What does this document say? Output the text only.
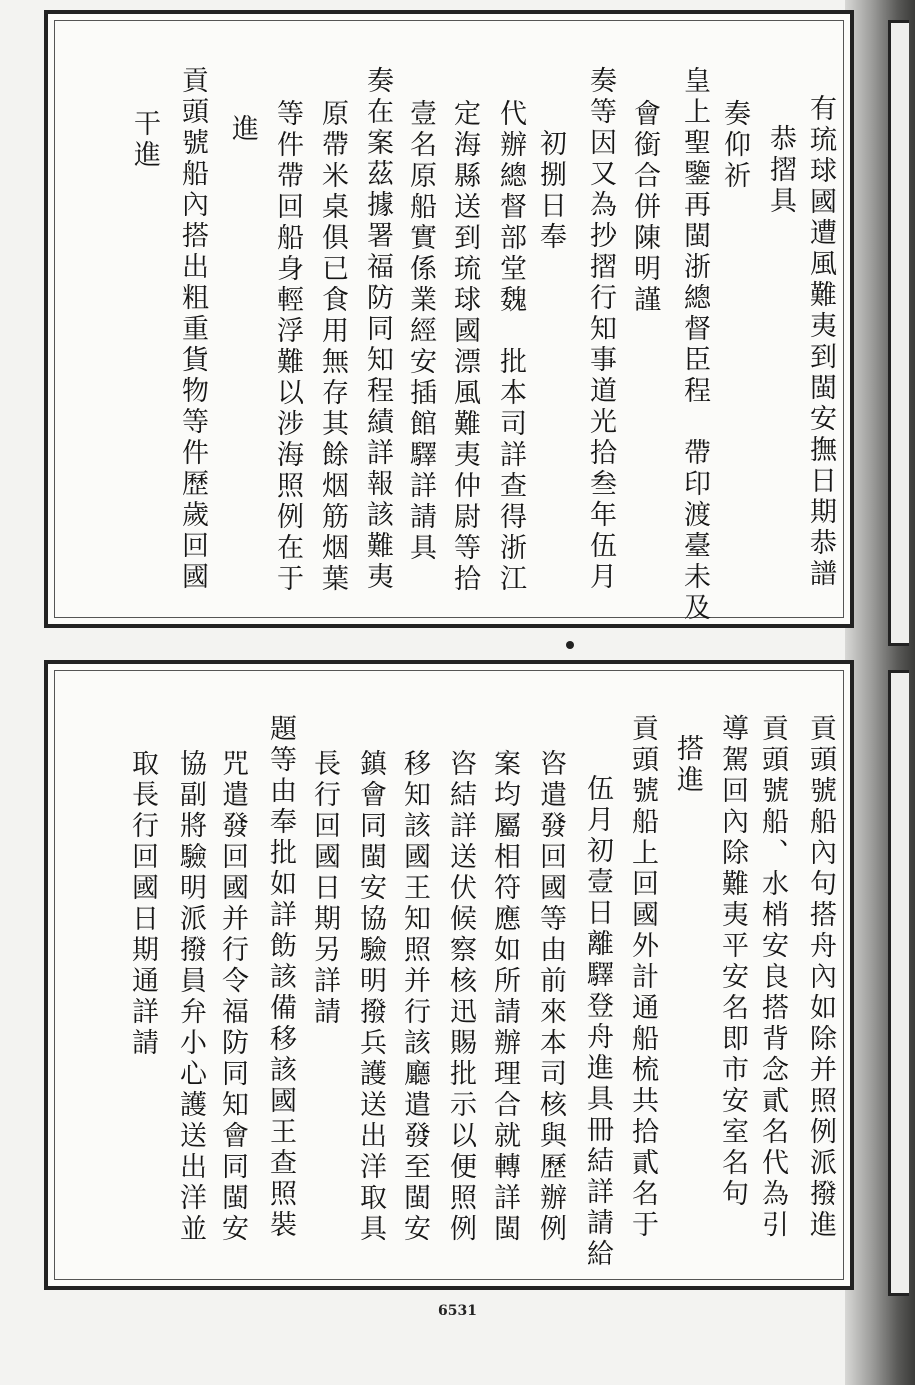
有琉球國遭風難夷到閩安撫日期恭譜
恭摺具
奏仰祈
皇上聖鑒再閩浙總督臣程　帶印渡臺未及
會銜合併陳明謹
奏等因又為抄摺行知事道光拾叁年伍月
初捌日奉
代辦總督部堂魏　批本司詳查得浙江
定海縣送到琉球國漂風難夷仲尉等拾
壹名原船實係業經安插館驛詳請具
奏在案茲據署福防同知程績詳報該難夷
原帶米桌俱已食用無存其餘烟筋烟葉
等件帶回船身輕浮難以涉海照例在于
進
貢頭號船內搭出粗重貨物等件歷歲回國
干進
貢頭號船內句搭舟內如除并照例派撥進
貢頭號船、水梢安良搭背念貳名代為引
導駕回內除難夷平安名即市安室名句
搭進
貢頭號船上回國外計通船梳共拾貳名于
伍月初壹日離驛登舟進具冊結詳請給
咨遣發回國等由前來本司核與歷辦例
案均屬相符應如所請辦理合就轉詳閩
咨結詳送伏候察核迅賜批示以便照例
移知該國王知照并行該廳遣發至閩安
鎮會同閩安協驗明撥兵護送出洋取具
長行回國日期另詳請
題等由奉批如詳飭該備移該國王查照裝
咒遣發回國并行令福防同知會同閩安
協副將驗明派撥員弁小心護送出洋並
取長行回國日期通詳請
6531
